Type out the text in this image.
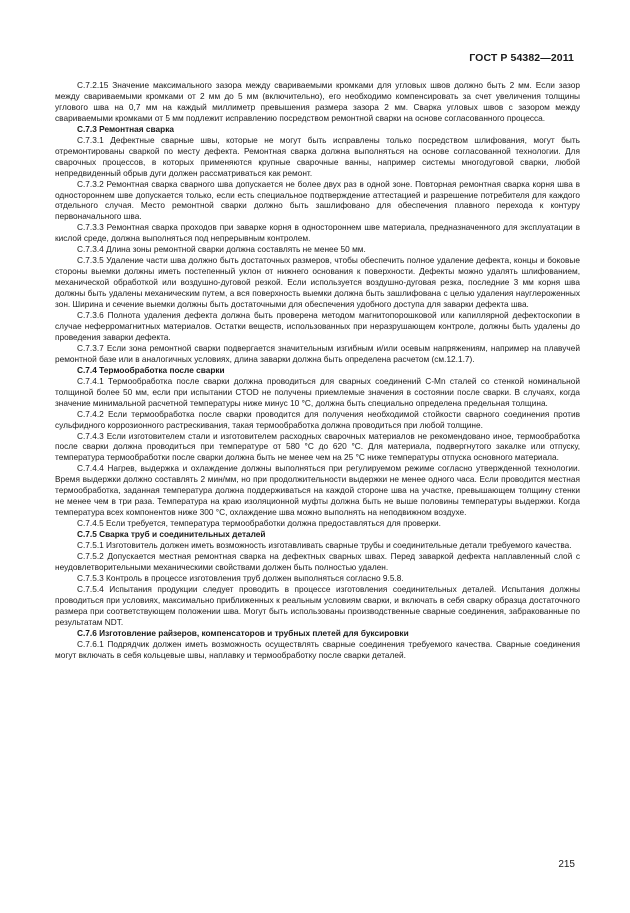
ГОСТ Р 54382—2011

С.7.2.15 Значение максимального зазора между свариваемыми кромками для угловых швов должно быть 2 мм. Если зазор между свариваемыми кромками от 2 мм до 5 мм (включительно), его необходимо компенсировать за счет увеличения толщины углового шва на 0,7 мм на каждый миллиметр превышения размера зазора 2 мм. Сварка угловых швов с зазором между свариваемыми кромками от 5 мм подлежит исправлению посредством ремонтной сварки на основе согласованного процесса.

С.7.3 Ремонтная сварка

С.7.3.1 Дефектные сварные швы, которые не могут быть исправлены только посредством шлифования, могут быть отремонтированы сваркой по месту дефекта. Ремонтная сварка должна выполняться на основе согласованной технологии. Для сварочных процессов, в которых применяются крупные сварочные ванны, например системы многодуговой сварки, любой непредвиденный обрыв дуги должен рассматриваться как ремонт.

С.7.3.2 Ремонтная сварка сварного шва допускается не более двух раз в одной зоне. Повторная ремонтная сварка корня шва в одностороннем шве допускается только, если есть специальное подтверждение аттестацией и разрешение потребителя для каждого отдельного случая. Место ремонтной сварки должно быть зашлифовано для обеспечения плавного перехода к контуру первоначального шва.

С.7.3.3 Ремонтная сварка проходов при заварке корня в одностороннем шве материала, предназначенного для эксплуатации в кислой среде, должна выполняться под непрерывным контролем.

С.7.3.4 Длина зоны ремонтной сварки должна составлять не менее 50 мм.

С.7.3.5 Удаление части шва должно быть достаточных размеров, чтобы обеспечить полное удаление дефекта, концы и боковые стороны выемки должны иметь постепенный уклон от нижнего основания к поверхности. Дефекты можно удалять шлифованием, механической обработкой или воздушно-дуговой резкой. Если используется воздушно-дуговая резка, последние 3 мм корня шва должны быть удалены механическим путем, а вся поверхность выемки должна быть зашлифована с целью удаления науглероженных зон. Ширина и сечение выемки должны быть достаточными для обеспечения удобного доступа для заварки дефекта шва.

С.7.3.6 Полнота удаления дефекта должна быть проверена методом магнитопорошковой или капиллярной дефектоскопии в случае неферромагнитных материалов. Остатки веществ, использованных при неразрушающем контроле, должны быть удалены до проведения заварки дефекта.

С.7.3.7 Если зона ремонтной сварки подвергается значительным изгибным и/или осевым напряжениям, например на плавучей ремонтной базе или в аналогичных условиях, длина заварки должна быть определена расчетом (см.12.1.7).

С.7.4 Термообработка после сварки

С.7.4.1 Термообработка после сварки должна проводиться для сварных соединений С-Mn сталей со стенкой номинальной толщиной более 50 мм, если при испытании CTOD не получены приемлемые значения в состоянии после сварки. В случаях, когда значение минимальной расчетной температуры ниже минус 10 °С, должна быть специально определена предельная толщина.

С.7.4.2 Если термообработка после сварки проводится для получения необходимой стойкости сварного соединения против сульфидного коррозионного растрескивания, такая термообработка должна проводиться при любой толщине.

С.7.4.3 Если изготовителем стали и изготовителем расходных сварочных материалов не рекомендовано иное, термообработка после сварки должна проводиться при температуре от 580 °С до 620 °С. Для материала, подвергнутого закалке или отпуску, температура термообработки после сварки должна быть не менее чем на 25 °С ниже температуры отпуска основного материала.

С.7.4.4 Нагрев, выдержка и охлаждение должны выполняться при регулируемом режиме согласно утвержденной технологии. Время выдержки должно составлять 2 мин/мм, но при продолжительности выдержки не менее одного часа. Если проводится местная термообработка, заданная температура должна поддерживаться на каждой стороне шва на участке, превышающем толщину стенки не менее чем в три раза. Температура на краю изоляционной муфты должна быть не выше половины температуры выдержки. Когда температура всех компонентов ниже 300 °С, охлаждение шва можно выполнять на неподвижном воздухе.

С.7.4.5 Если требуется, температура термообработки должна предоставляться для проверки.

С.7.5 Сварка труб и соединительных деталей

С.7.5.1 Изготовитель должен иметь возможность изготавливать сварные трубы и соединительные детали требуемого качества.

С.7.5.2 Допускается местная ремонтная сварка на дефектных сварных швах. Перед заваркой дефекта наплавленный слой с неудовлетворительными механическими свойствами должен быть полностью удален.

С.7.5.3 Контроль в процессе изготовления труб должен выполняться согласно 9.5.8.

С.7.5.4 Испытания продукции следует проводить в процессе изготовления соединительных деталей. Испытания должны проводиться при условиях, максимально приближенных к реальным условиям сварки, и включать в себя сварку образца достаточного размера при соответствующем положении шва. Могут быть использованы производственные сварные соединения, забракованные по результатам NDT.

С.7.6 Изготовление райзеров, компенсаторов и трубных плетей для буксировки

С.7.6.1 Подрядчик должен иметь возможность осуществлять сварные соединения требуемого качества. Сварные соединения могут включать в себя кольцевые швы, наплавку и термообработку после сварки деталей.

215
